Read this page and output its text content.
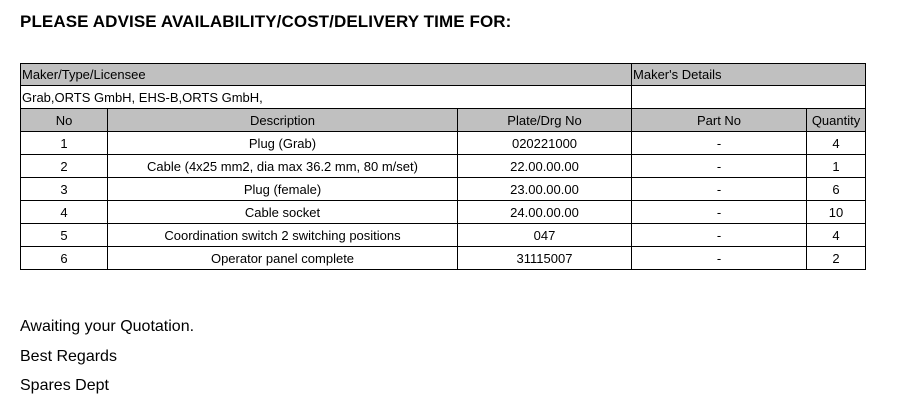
PLEASE ADVISE AVAILABILITY/COST/DELIVERY TIME FOR:
Maker/Type/Licensee			Maker's Details	
Grab,ORTS GmbH, EHS-B,ORTS GmbH,				
No	Description	Plate/Drg No	Part No	Quantity
1	Plug (Grab)	020221000	-	4
2	Cable (4x25 mm2, dia max 36.2 mm, 80 m/set)	22.00.00.00	-	1
3	Plug (female)	23.00.00.00	-	6
4	Cable socket	24.00.00.00	-	10
5	Coordination switch 2 switching positions	047	-	4
6	Operator panel complete	31115007	-	2
Awaiting your Quotation.
Best Regards
Spares Dept
